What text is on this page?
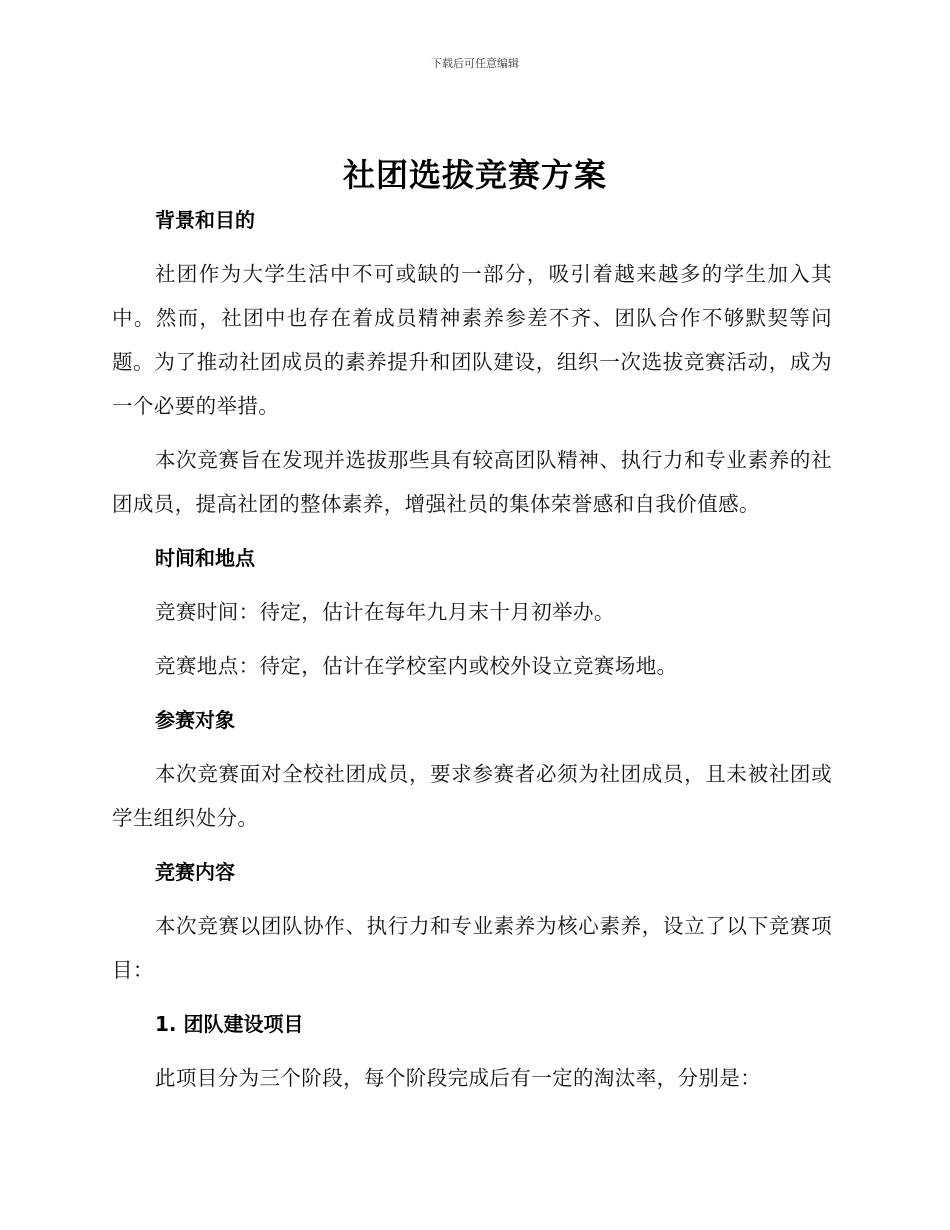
下载后可任意编辑
社团选拔竞赛方案
背景和目的
社团作为大学生活中不可或缺的一部分，吸引着越来越多的学生加入其中。然而，社团中也存在着成员精神素养参差不齐、团队合作不够默契等问题。为了推动社团成员的素养提升和团队建设，组织一次选拔竞赛活动，成为一个必要的举措。
本次竞赛旨在发现并选拔那些具有较高团队精神、执行力和专业素养的社团成员，提高社团的整体素养，增强社员的集体荣誉感和自我价值感。
时间和地点
竞赛时间：待定，估计在每年九月末十月初举办。
竞赛地点：待定，估计在学校室内或校外设立竞赛场地。
参赛对象
本次竞赛面对全校社团成员，要求参赛者必须为社团成员，且未被社团或学生组织处分。
竞赛内容
本次竞赛以团队协作、执行力和专业素养为核心素养，设立了以下竞赛项目：
1. 团队建设项目
此项目分为三个阶段，每个阶段完成后有一定的淘汰率，分别是：
